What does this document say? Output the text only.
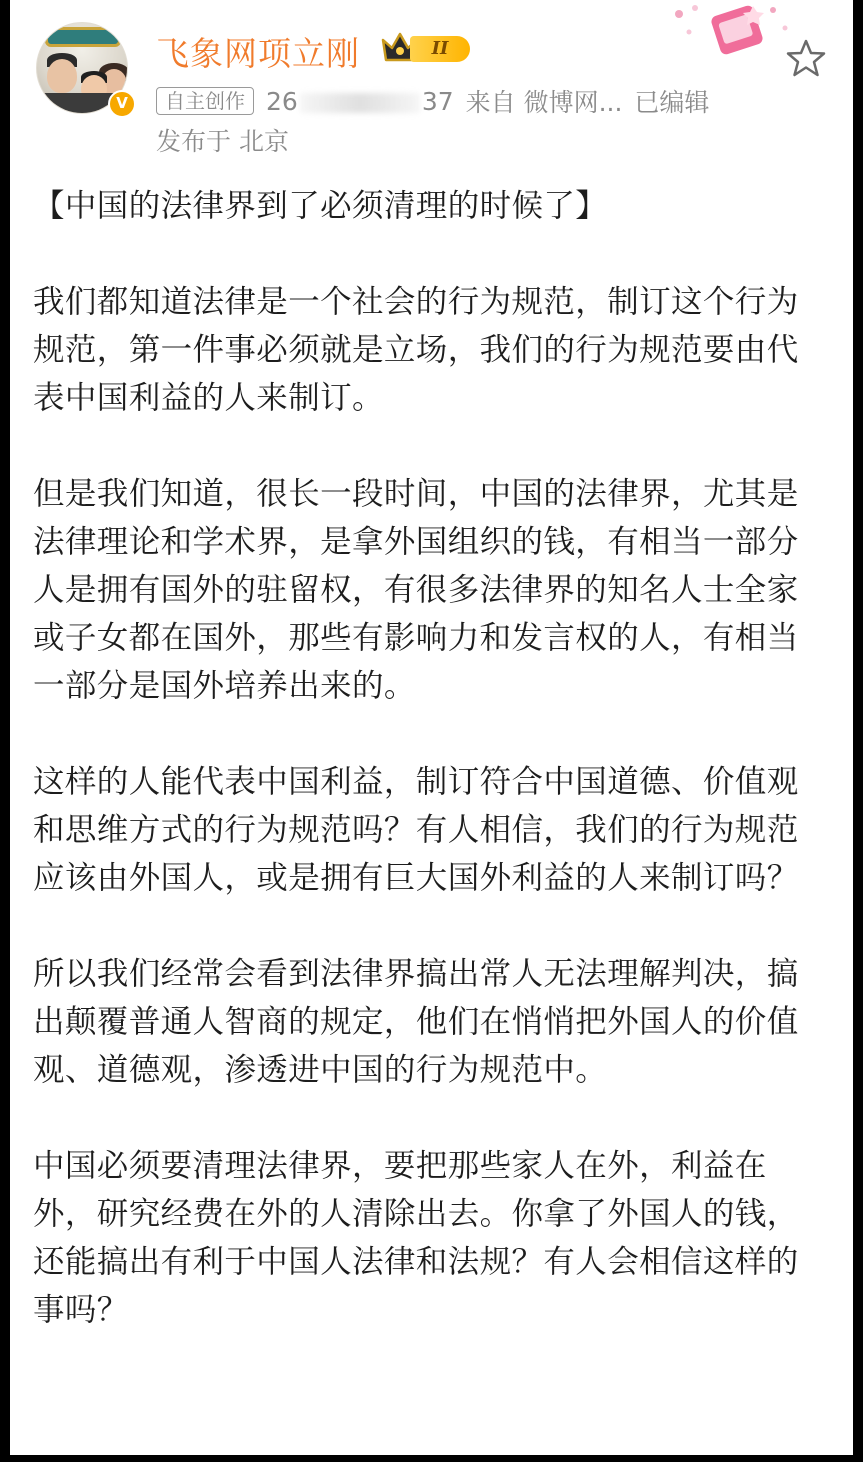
V
飞象网项立刚	II
自主创作 26	37 来自 微博网... 已编辑
发布于 北京

【中国的法律界到了必须清理的时候了】

我们都知道法律是一个社会的行为规范，制订这个行为规范，第一件事必须就是立场，我们的行为规范要由代表中国利益的人来制订。

但是我们知道，很长一段时间，中国的法律界，尤其是法律理论和学术界，是拿外国组织的钱，有相当一部分人是拥有国外的驻留权，有很多法律界的知名人士全家或子女都在国外，那些有影响力和发言权的人，有相当一部分是国外培养出来的。

这样的人能代表中国利益，制订符合中国道德、价值观和思维方式的行为规范吗？有人相信，我们的行为规范应该由外国人，或是拥有巨大国外利益的人来制订吗？

所以我们经常会看到法律界搞出常人无法理解判决，搞出颠覆普通人智商的规定，他们在悄悄把外国人的价值观、道德观，渗透进中国的行为规范中。

中国必须要清理法律界，要把那些家人在外，利益在外，研究经费在外的人清除出去。你拿了外国人的钱，还能搞出有利于中国人法律和法规？有人会相信这样的事吗？
